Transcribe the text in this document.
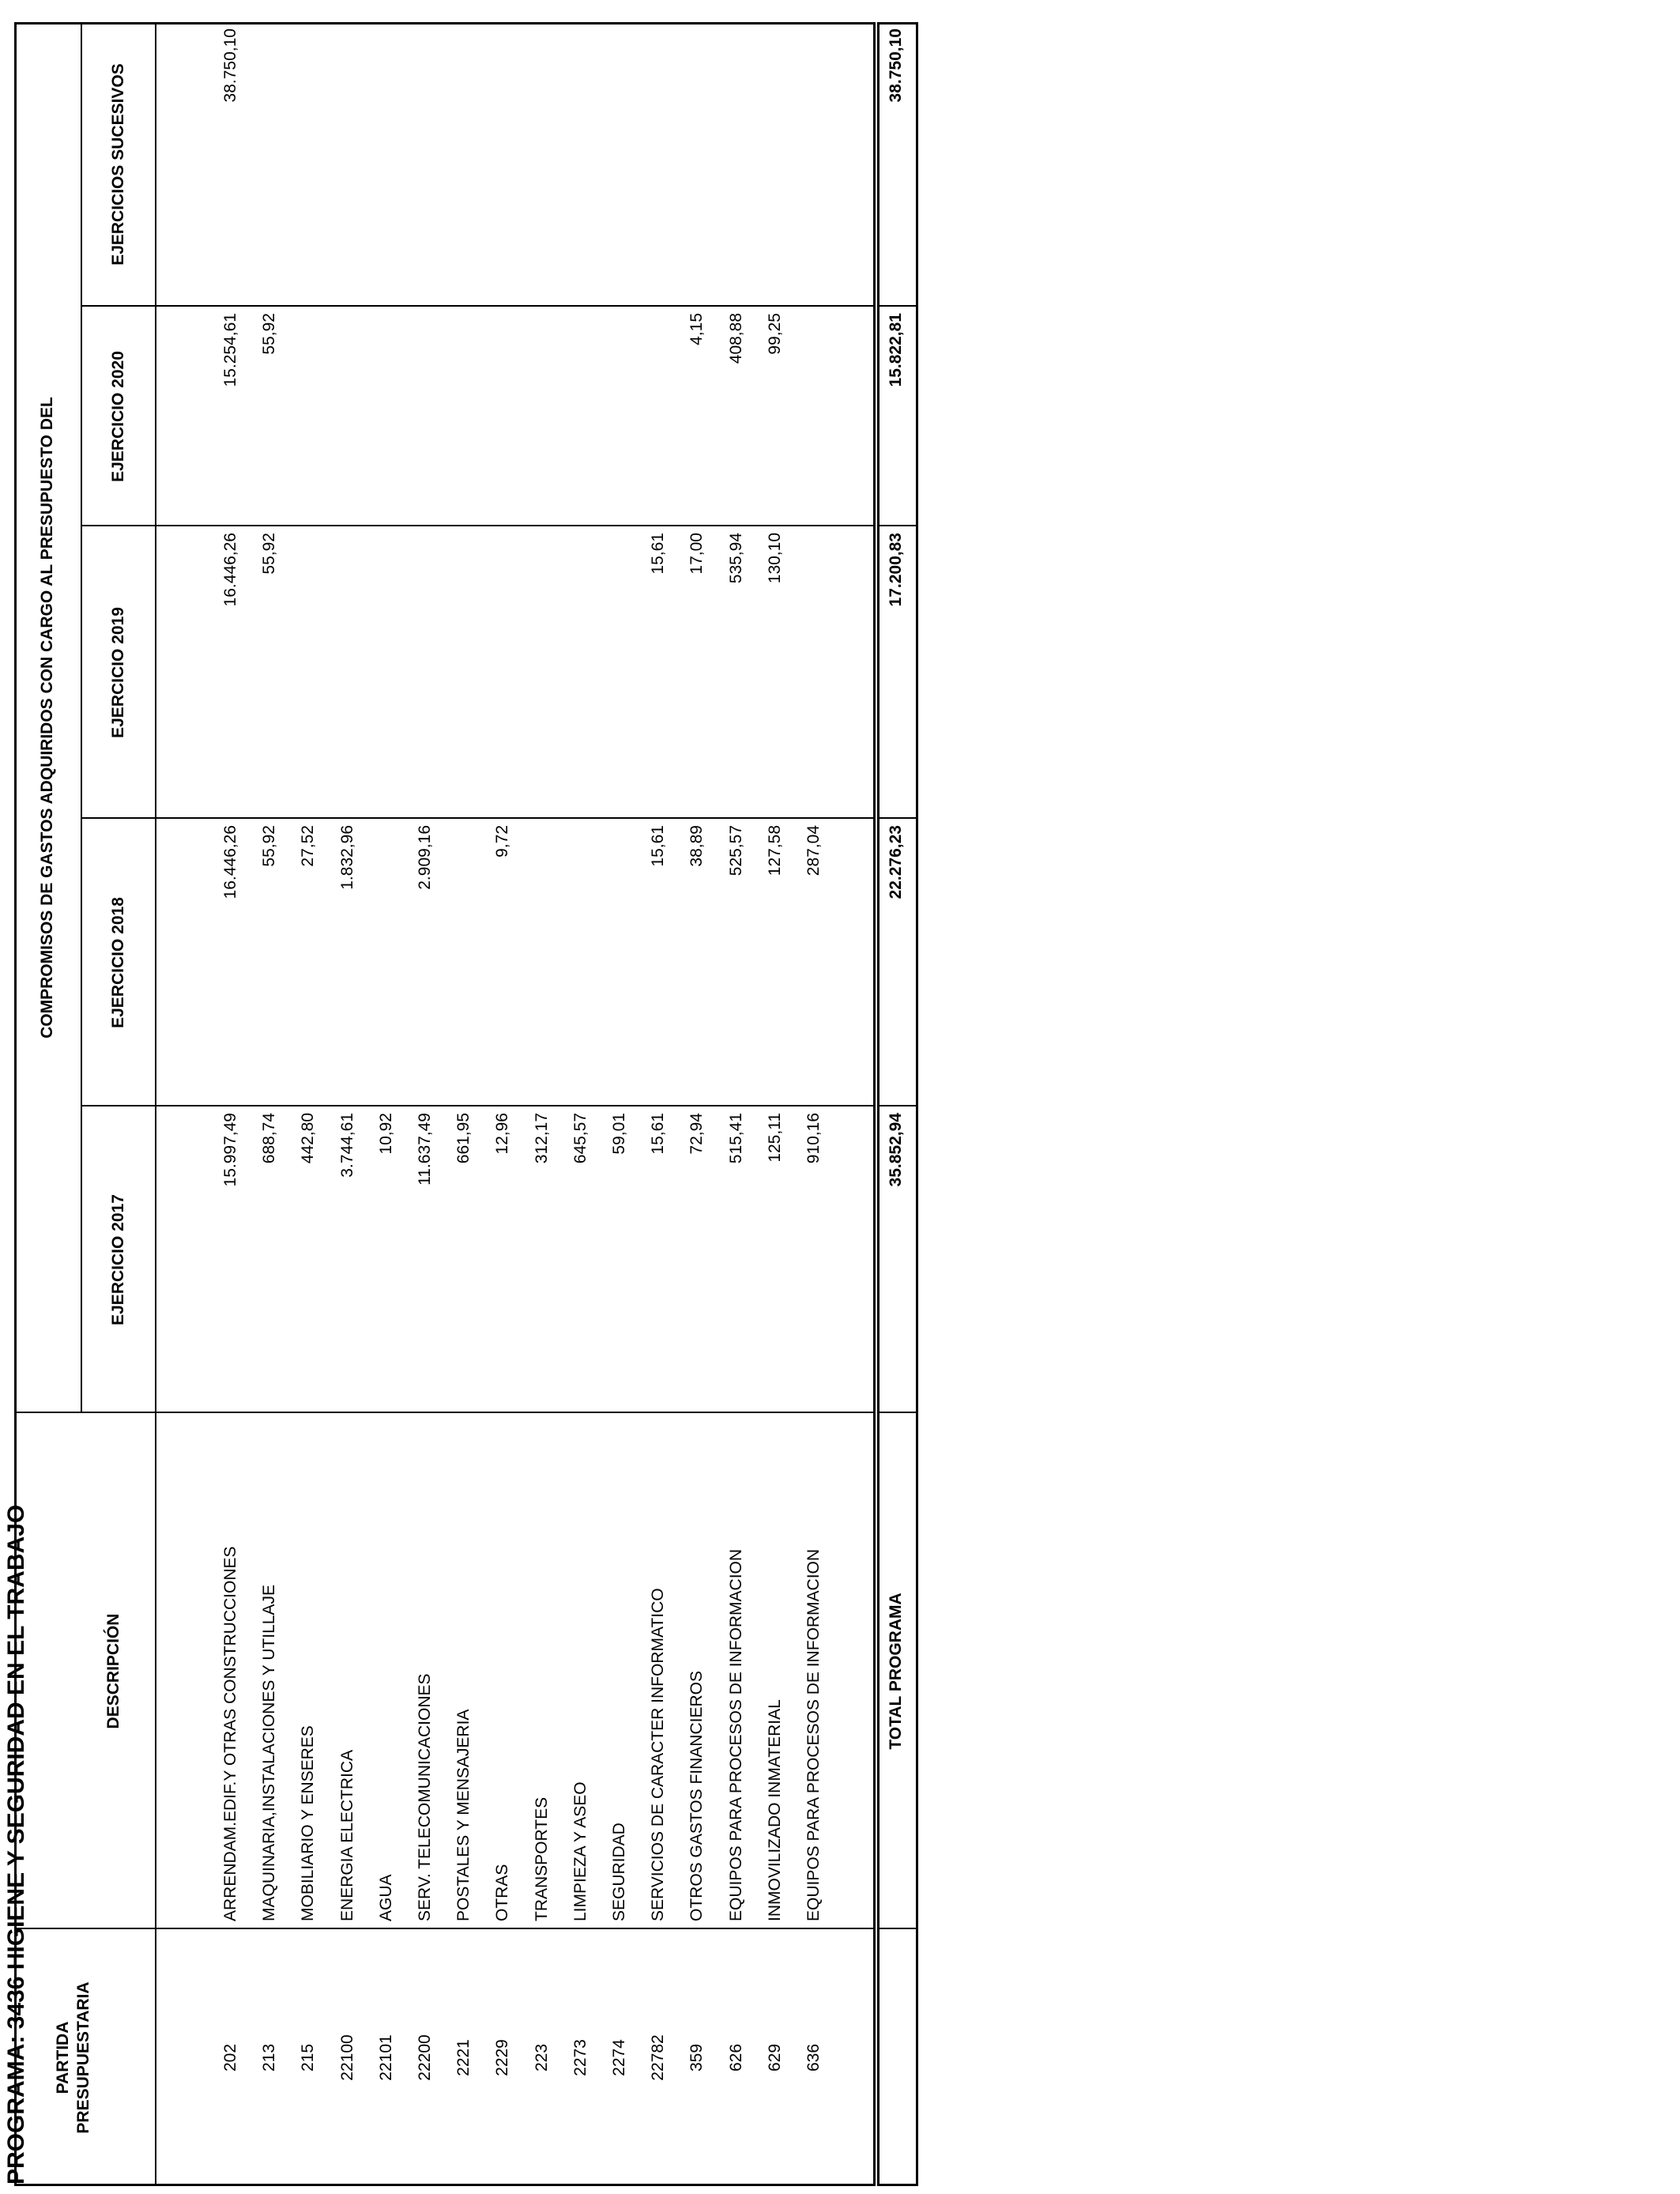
PROGRAMA: 3436 HIGIENE Y SEGURIDAD EN EL TRABAJO PARTIDA PRESUPUESTARIA
DESCRIPCIÓN
COMPROMISOS DE GASTOS ADQUIRIDOS CON CARGO AL PRESUPUESTO DEL
EJERCICIO 2017
EJERCICIO 2018
EJERCICIO 2019
EJERCICIO 2020
EJERCICIOS SUCESIVOS
202
ARRENDAM.EDIF.Y OTRAS CONSTRUCCIONES
15.997,49
16.446,26
16.446,26
15.254,61
38.750,10
213
MAQUINARIA,INSTALACIONES Y UTILLAJE
688,74
55,92
55,92
55,92
215
MOBILIARIO Y ENSERES
442,80
27,52
22100
ENERGIA ELECTRICA
3.744,61
1.832,96
22101
AGUA
10,92
22200
SERV. TELECOMUNICACIONES
11.637,49
2.909,16
2221
POSTALES Y MENSAJERIA
661,95
2229
OTRAS
12,96
9,72
223
TRANSPORTES
312,17
2273
LIMPIEZA Y ASEO
645,57
2274
SEGURIDAD
59,01
22782
SERVICIOS DE CARACTER INFORMATICO
15,61
15,61
15,61
359
OTROS GASTOS FINANCIEROS
72,94
38,89
17,00
4,15
626
EQUIPOS PARA PROCESOS DE INFORMACION
515,41
525,57
535,94
408,88
629
INMOVILIZADO INMATERIAL
125,11
127,58
130,10
99,25
636
EQUIPOS PARA PROCESOS DE INFORMACION
910,16
287,04
TOTAL PROGRAMA
35.852,94
22.276,23
17.200,83
15.822,81
38.750,10
